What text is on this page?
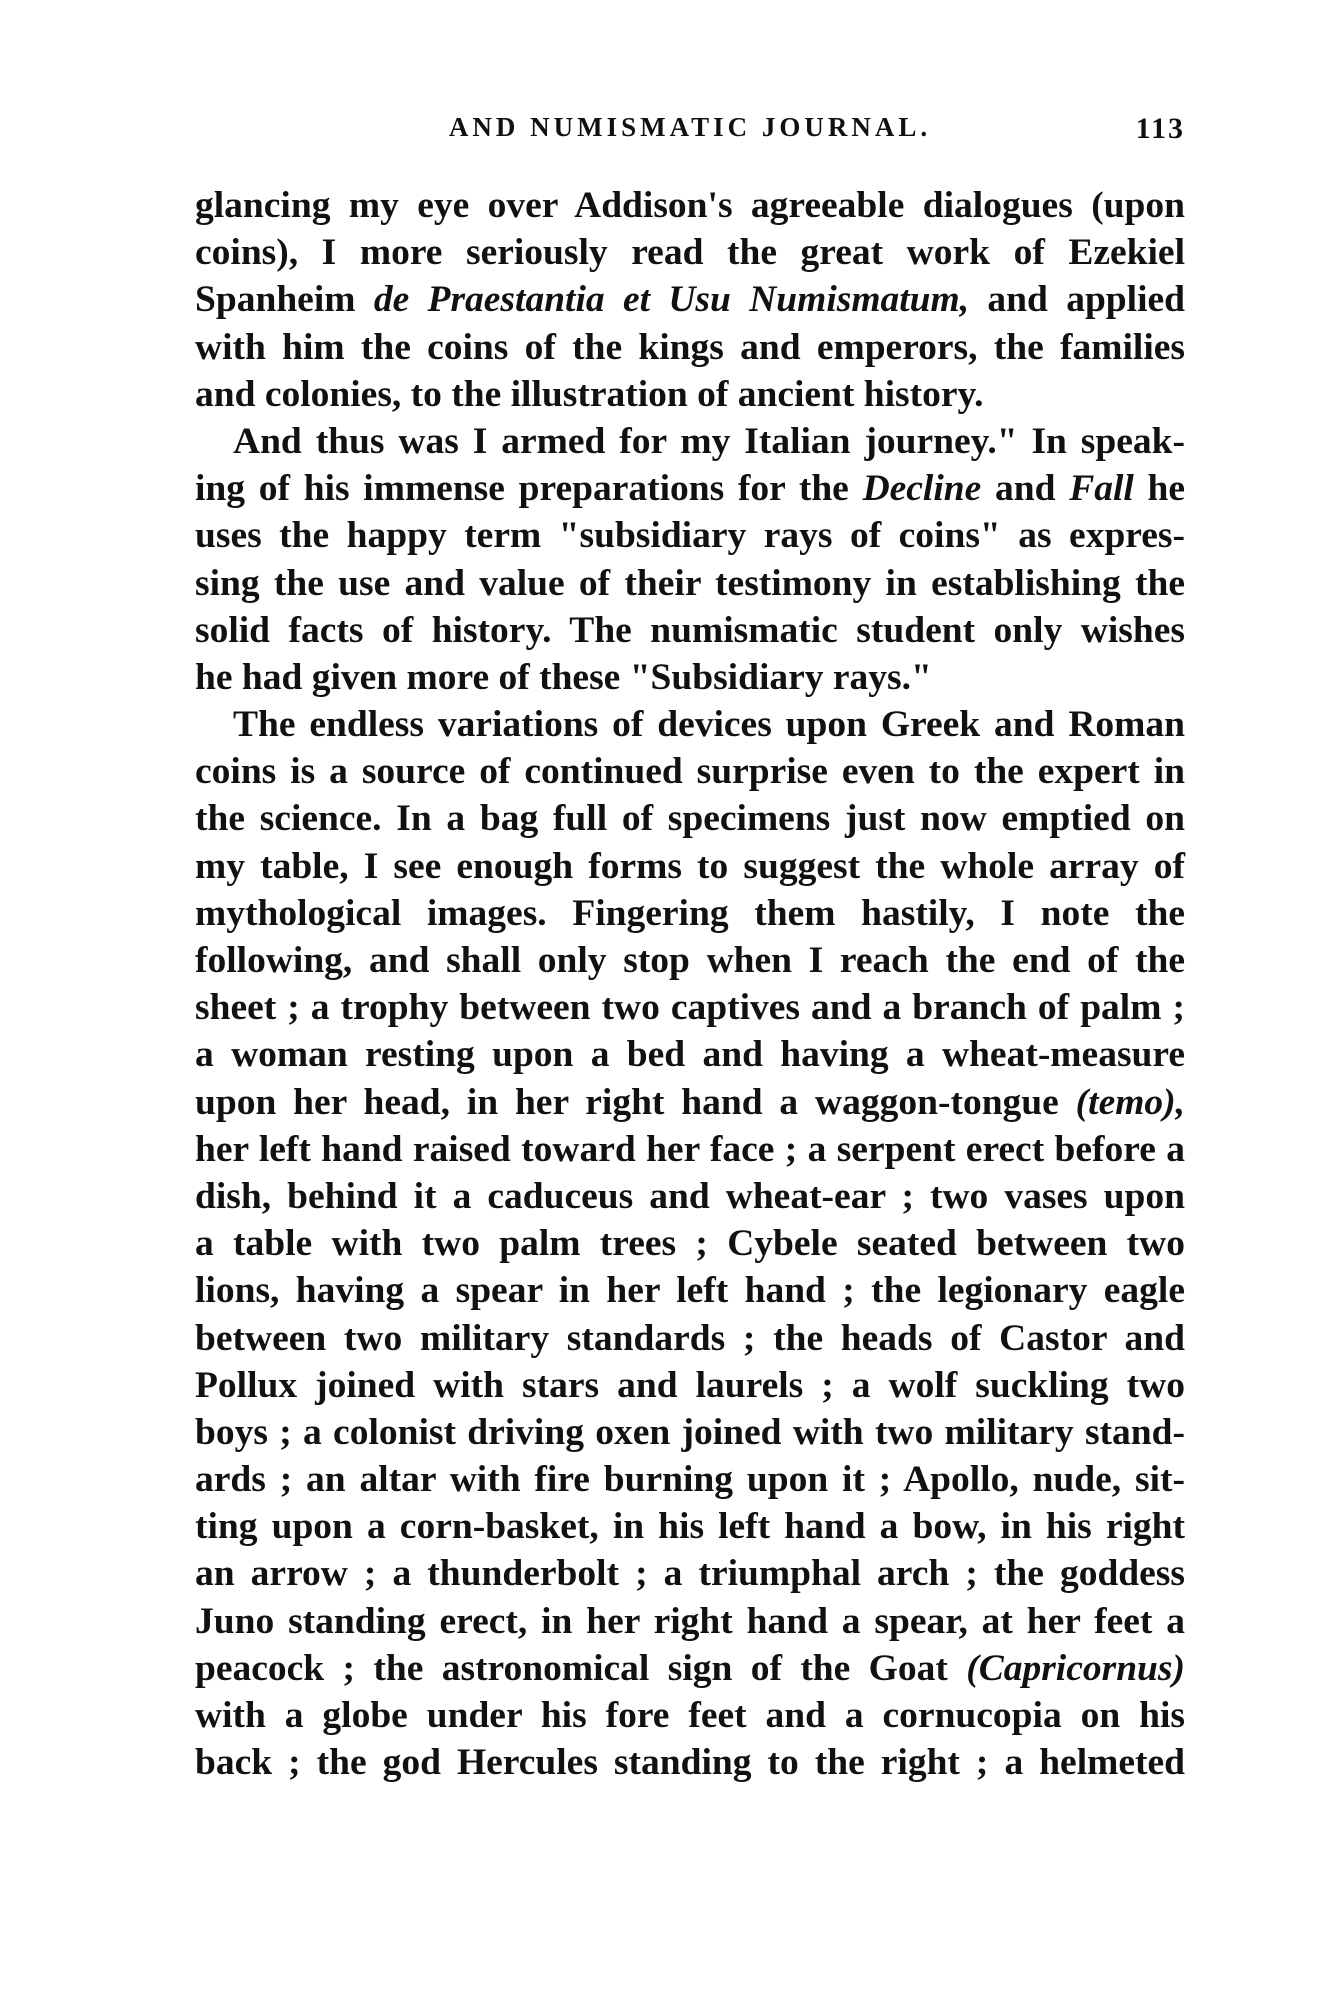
AND NUMISMATIC JOURNAL.	113
glancing my eye over Addison's agreeable dialogues (upon
coins), I more seriously read the great work of Ezekiel
Spanheim de Praestantia et Usu Numismatum, and applied
with him the coins of the kings and emperors, the families
and colonies, to the illustration of ancient history.
And thus was I armed for my Italian journey." In speak-
ing of his immense preparations for the Decline and Fall he
uses the happy term "subsidiary rays of coins" as expres-
sing the use and value of their testimony in establishing the
solid facts of history. The numismatic student only wishes
he had given more of these "Subsidiary rays."
The endless variations of devices upon Greek and Roman
coins is a source of continued surprise even to the expert in
the science. In a bag full of specimens just now emptied on
my table, I see enough forms to suggest the whole array of
mythological images. Fingering them hastily, I note the
following, and shall only stop when I reach the end of the
sheet ; a trophy between two captives and a branch of palm ;
a woman resting upon a bed and having a wheat-measure
upon her head, in her right hand a waggon-tongue (temo),
her left hand raised toward her face ; a serpent erect before a
dish, behind it a caduceus and wheat-ear ; two vases upon
a table with two palm trees ; Cybele seated between two
lions, having a spear in her left hand ; the legionary eagle
between two military standards ; the heads of Castor and
Pollux joined with stars and laurels ; a wolf suckling two
boys ; a colonist driving oxen joined with two military stand-
ards ; an altar with fire burning upon it ; Apollo, nude, sit-
ting upon a corn-basket, in his left hand a bow, in his right
an arrow ; a thunderbolt ; a triumphal arch ; the goddess
Juno standing erect, in her right hand a spear, at her feet a
peacock ; the astronomical sign of the Goat (Capricornus)
with a globe under his fore feet and a cornucopia on his
back ; the god Hercules standing to the right ; a helmeted
